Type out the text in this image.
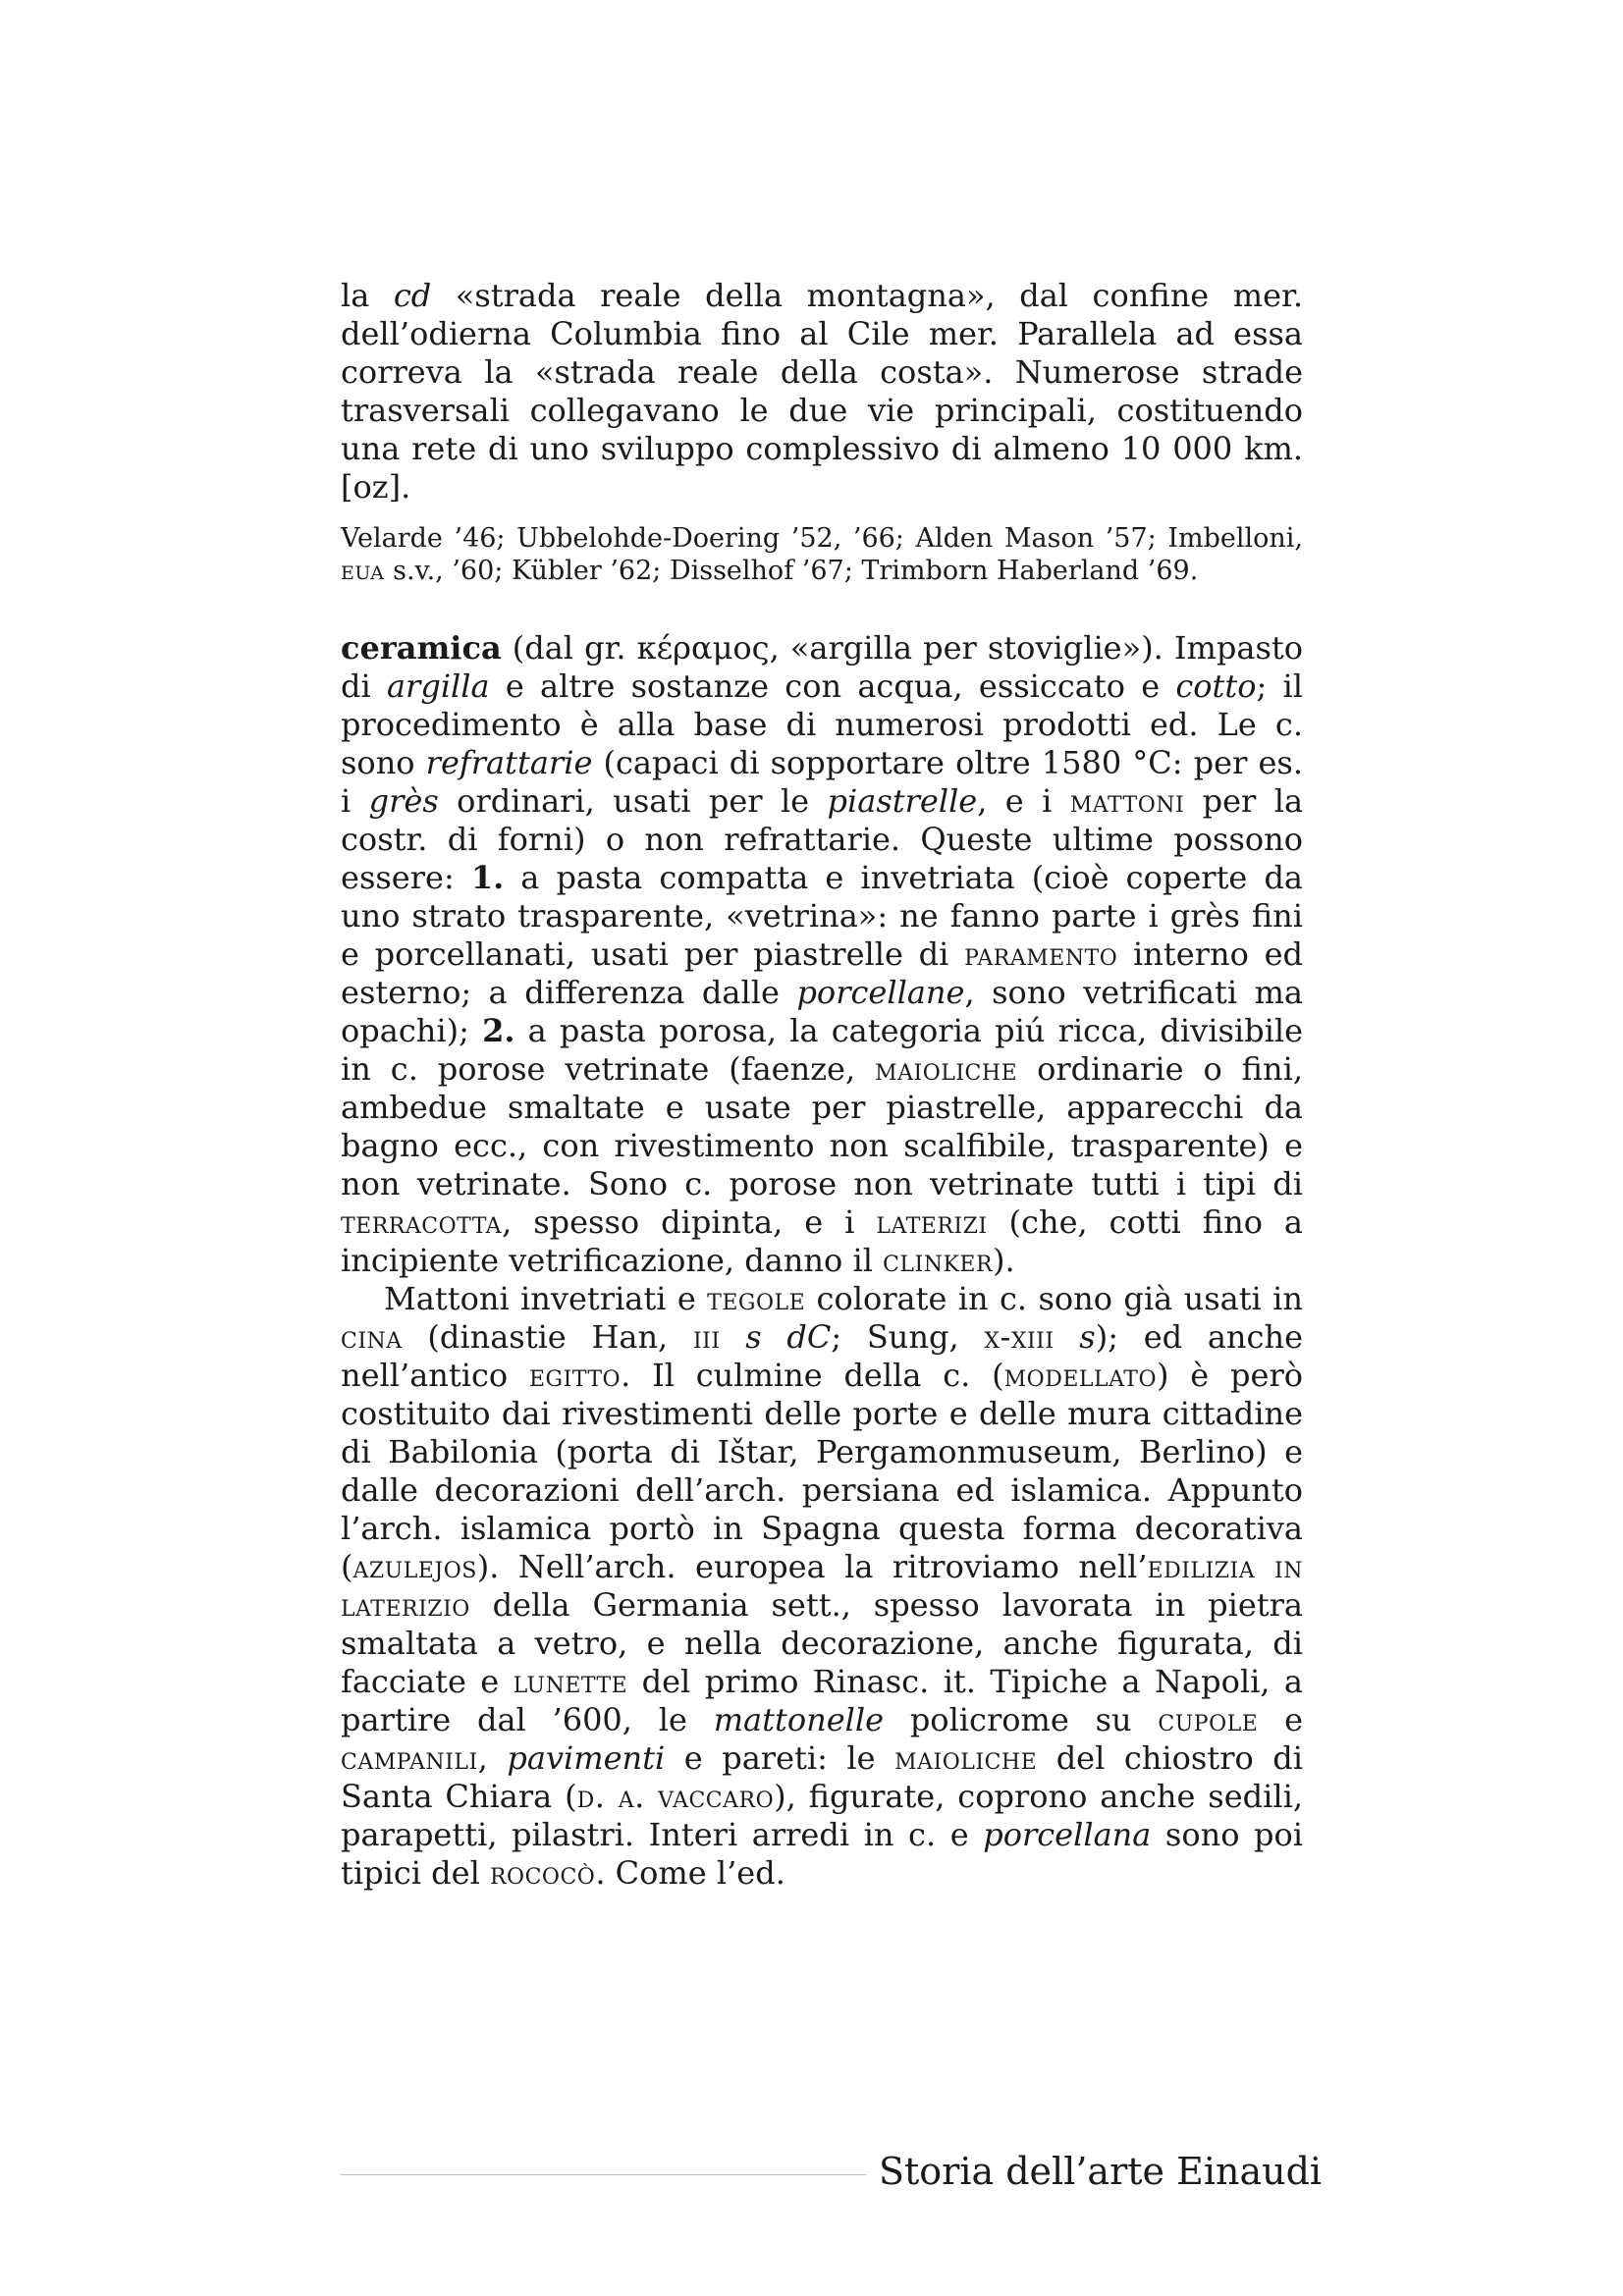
la cd «strada reale della montagna», dal confine mer. dell’odierna Columbia fino al Cile mer. Parallela ad essa correva la «strada reale della costa». Numerose strade trasversali collegavano le due vie principali, costituendo una rete di uno sviluppo complessivo di almeno 10 000 km. [oz].

Velarde ’46; Ubbelohde-Doering ’52, ’66; Alden Mason ’57; Imbelloni, eua s.v., ’60; Kübler ’62; Disselhof ’67; Trimborn Haberland ’69.

ceramica (dal gr. κέραμος, «argilla per stoviglie»). Impasto di argilla e altre sostanze con acqua, essiccato e cotto; il procedimento è alla base di numerosi prodotti ed. Le c. sono refrattarie (capaci di sopportare oltre 1580 °C: per es. i grès ordinari, usati per le piastrelle, e i mattoni per la costr. di forni) o non refrattarie. Queste ultime possono essere: 1. a pasta compatta e invetriata (cioè coperte da uno strato trasparente, «vetrina»: ne fanno parte i grès fini e porcellanati, usati per piastrelle di paramento interno ed esterno; a differenza dalle porcellane, sono vetrificati ma opachi); 2. a pasta porosa, la categoria piú ricca, divisibile in c. porose vetrinate (faenze, maioliche ordinarie o fini, ambedue smaltate e usate per piastrelle, apparecchi da bagno ecc., con rivestimento non scalfibile, trasparente) e non vetrinate. Sono c. porose non vetrinate tutti i tipi di terracotta, spesso dipinta, e i laterizi (che, cotti fino a incipiente vetrificazione, danno il clinker).

Mattoni invetriati e tegole colorate in c. sono già usati in cina (dinastie Han, iii s dC; Sung, x-xiii s); ed anche nell’antico egitto. Il culmine della c. (modellato) è però costituito dai rivestimenti delle porte e delle mura cittadine di Babilonia (porta di Ištar, Pergamonmuseum, Berlino) e dalle decorazioni dell’arch. persiana ed islamica. Appunto l’arch. islamica portò in Spagna questa forma decorativa (azulejos). Nell’arch. europea la ritroviamo nell’edilizia in laterizio della Germania sett., spesso lavorata in pietra smaltata a vetro, e nella decorazione, anche figurata, di facciate e lunette del primo Rinasc. it. Tipiche a Napoli, a partire dal ’600, le mattonelle policrome su cupole e campanili, pavimenti e pareti: le maioliche del chiostro di Santa Chiara (d. a. vaccaro), figurate, coprono anche sedili, parapetti, pilastri. Interi arredi in c. e porcellana sono poi tipici del rococò. Come l’ed.

Storia dell’arte Einaudi
